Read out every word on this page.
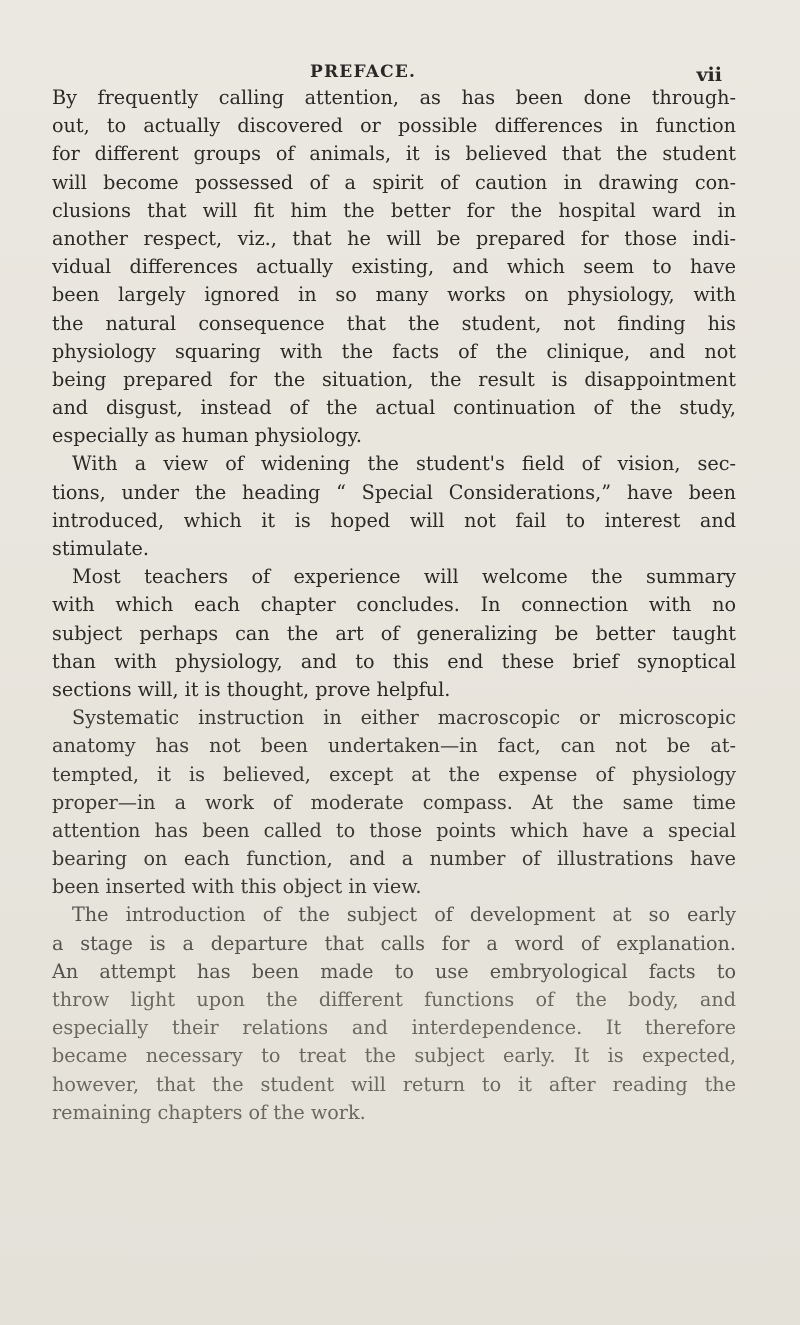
PREFACE.	vii
By frequently calling attention, as has been done through-
out, to actually discovered or possible differences in function
for different groups of animals, it is believed that the student
will become possessed of a spirit of caution in drawing con-
clusions that will fit him the better for the hospital ward in
another respect, viz., that he will be prepared for those indi-
vidual differences actually existing, and which seem to have
been largely ignored in so many works on physiology, with
the natural consequence that the student, not finding his
physiology squaring with the facts of the clinique, and not
being prepared for the situation, the result is disappointment
and disgust, instead of the actual continuation of the study,
especially as human physiology.
With a view of widening the student's field of vision, sec-
tions, under the heading “ Special Considerations,” have been
introduced, which it is hoped will not fail to interest and
stimulate.
Most teachers of experience will welcome the summary
with which each chapter concludes. In connection with no
subject perhaps can the art of generalizing be better taught
than with physiology, and to this end these brief synoptical
sections will, it is thought, prove helpful.
Systematic instruction in either macroscopic or microscopic
anatomy has not been undertaken—in fact, can not be at-
tempted, it is believed, except at the expense of physiology
proper—in a work of moderate compass. At the same time
attention has been called to those points which have a special
bearing on each function, and a number of illustrations have
been inserted with this object in view.
The introduction of the subject of development at so early
a stage is a departure that calls for a word of explanation.
An attempt has been made to use embryological facts to
throw light upon the different functions of the body, and
especially their relations and interdependence. It therefore
became necessary to treat the subject early. It is expected,
however, that the student will return to it after reading the
remaining chapters of the work.
